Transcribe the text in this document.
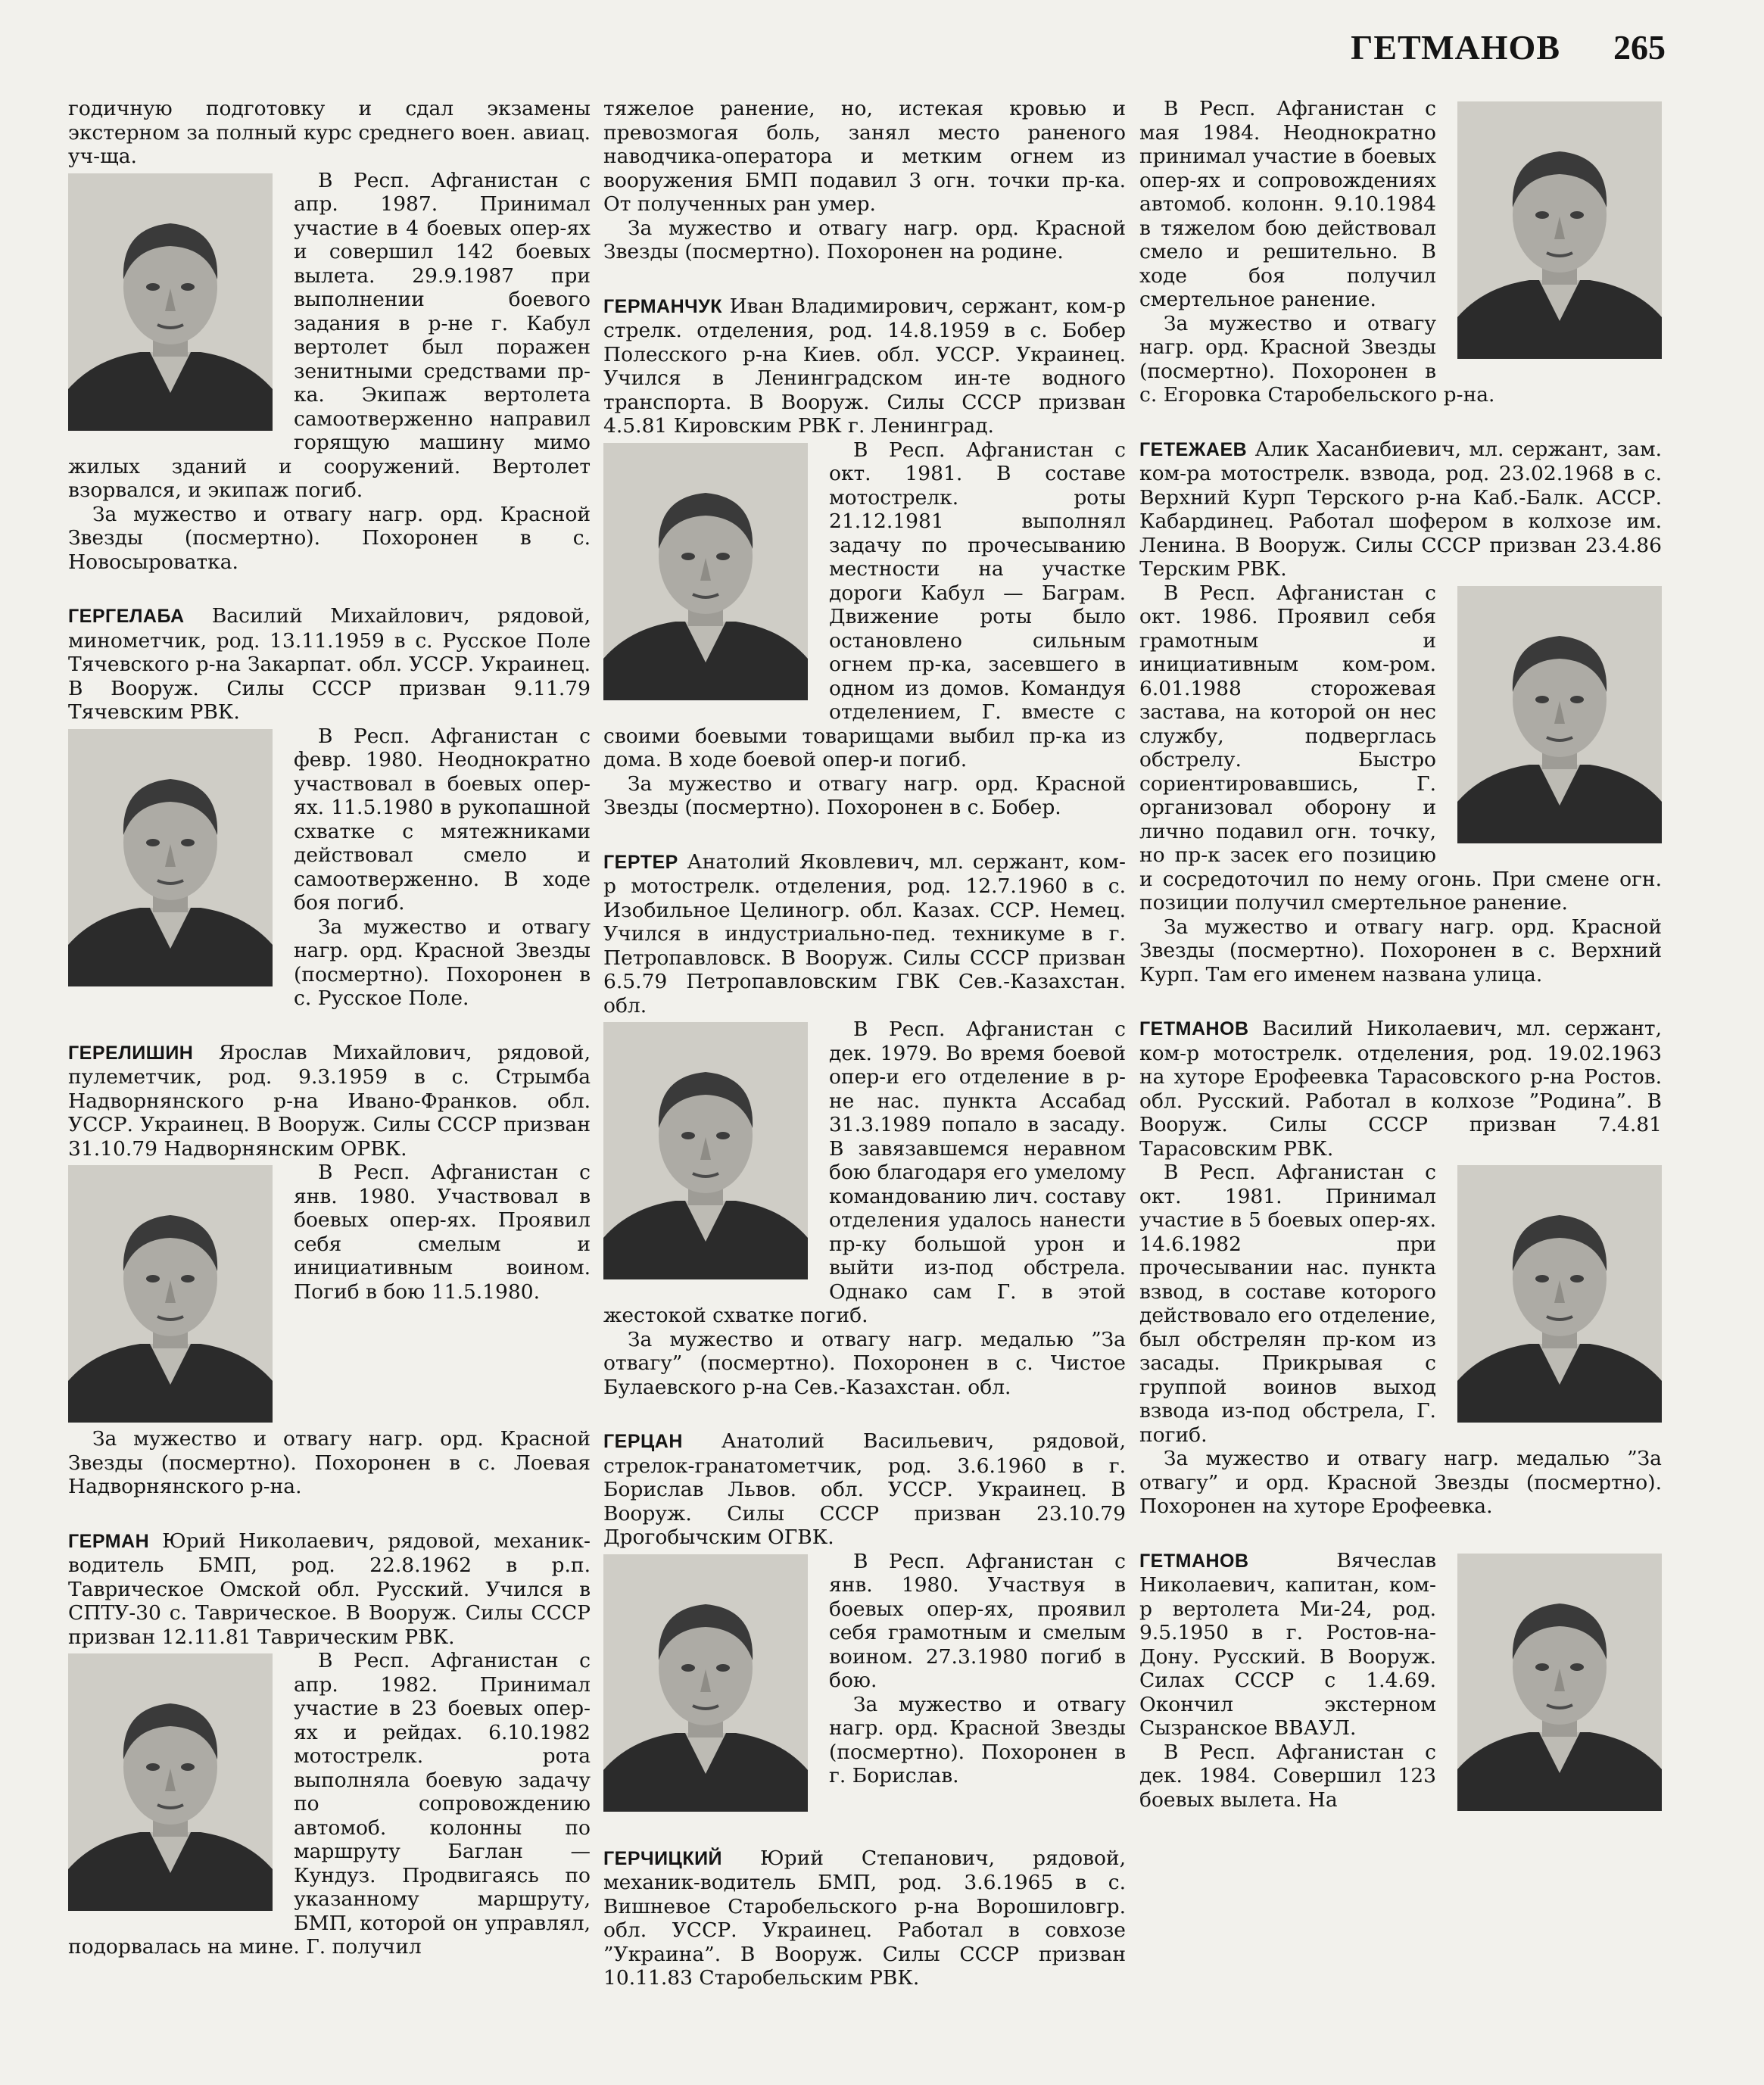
ГЕТМАНОВ 265

годичную подготовку и сдал экзамены экстерном за полный курс среднего воен. авиац. уч-ща.

В Респ. Афганистан с апр. 1987. Принимал участие в 4 боевых опер-ях и совершил 142 боевых вылета. 29.9.1987 при выполнении боевого задания в р-не г. Кабул вертолет был поражен зенитными средствами пр-ка. Экипаж вертолета самоотверженно направил горящую машину мимо жилых зданий и сооружений. Вертолет взорвался, и экипаж погиб.

За мужество и отвагу нагр. орд. Красной Звезды (посмертно). Похоронен в с. Новосыроватка.

ГЕРГЕЛАБА Василий Михайлович, рядовой, минометчик, род. 13.11.1959 в с. Русское Поле Тячевского р-на Закарпат. обл. УССР. Украинец. В Вооруж. Силы СССР призван 9.11.79 Тячевским РВК.

В Респ. Афганистан с февр. 1980. Неоднократно участвовал в боевых опер-ях. 11.5.1980 в рукопашной схватке с мятежниками действовал смело и самоотверженно. В ходе боя погиб.

За мужество и отвагу нагр. орд. Красной Звезды (посмертно). Похоронен в с. Русское Поле.

ГЕРЕЛИШИН Ярослав Михайлович, рядовой, пулеметчик, род. 9.3.1959 в с. Стрымба Надворнянского р-на Ивано-Франков. обл. УССР. Украинец. В Вооруж. Силы СССР призван 31.10.79 Надворнянским ОРВК.

В Респ. Афганистан с янв. 1980. Участвовал в боевых опер-ях. Проявил себя смелым и инициативным воином. Погиб в бою 11.5.1980.

За мужество и отвагу нагр. орд. Красной Звезды (посмертно). Похоронен в с. Лоевая Надворнянского р-на.

ГЕРМАН Юрий Николаевич, рядовой, механик-водитель БМП, род. 22.8.1962 в р.п. Таврическое Омской обл. Русский. Учился в СПТУ-30 с. Таврическое. В Вооруж. Силы СССР призван 12.11.81 Таврическим РВК.

В Респ. Афганистан с апр. 1982. Принимал участие в 23 боевых опер-ях и рейдах. 6.10.1982 мотострелк. рота выполняла боевую задачу по сопровождению автомоб. колонны по маршруту Баглан — Кундуз. Продвигаясь по указанному маршруту, БМП, которой он управлял, подорвалась на мине. Г. получил

тяжелое ранение, но, истекая кровью и превозмогая боль, занял место раненого наводчика-оператора и метким огнем из вооружения БМП подавил 3 огн. точки пр-ка. От полученных ран умер.

За мужество и отвагу нагр. орд. Красной Звезды (посмертно). Похоронен на родине.

ГЕРМАНЧУК Иван Владимирович, сержант, ком-р стрелк. отделения, род. 14.8.1959 в с. Бобер Полесского р-на Киев. обл. УССР. Украинец. Учился в Ленинградском ин-те водного транспорта. В Вооруж. Силы СССР призван 4.5.81 Кировским РВК г. Ленинград.

В Респ. Афганистан с окт. 1981. В составе мотострелк. роты 21.12.1981 выполнял задачу по прочесыванию местности на участке дороги Кабул — Баграм. Движение роты было остановлено сильным огнем пр-ка, засевшего в одном из домов. Командуя отделением, Г. вместе с своими боевыми товарищами выбил пр-ка из дома. В ходе боевой опер-и погиб.

За мужество и отвагу нагр. орд. Красной Звезды (посмертно). Похоронен в с. Бобер.

ГЕРТЕР Анатолий Яковлевич, мл. сержант, ком-р мотострелк. отделения, род. 12.7.1960 в с. Изобильное Целиногр. обл. Казах. ССР. Немец. Учился в индустриально-пед. техникуме в г. Петропавловск. В Вооруж. Силы СССР призван 6.5.79 Петропавловским ГВК Сев.-Казахстан. обл.

В Респ. Афганистан с дек. 1979. Во время боевой опер-и его отделение в р-не нас. пункта Ассабад 31.3.1989 попало в засаду. В завязавшемся неравном бою благодаря его умелому командованию лич. составу отделения удалось нанести пр-ку большой урон и выйти из-под обстрела. Однако сам Г. в этой жестокой схватке погиб.

За мужество и отвагу нагр. медалью ”За отвагу” (посмертно). Похоронен в с. Чистое Булаевского р-на Сев.-Казахстан. обл.

ГЕРЦАН Анатолий Васильевич, рядовой, стрелок-гранатометчик, род. 3.6.1960 в г. Борислав Львов. обл. УССР. Украинец. В Вооруж. Силы СССР призван 23.10.79 Дрогобычским ОГВК.

В Респ. Афганистан с янв. 1980. Участвуя в боевых опер-ях, проявил себя грамотным и смелым воином. 27.3.1980 погиб в бою.

За мужество и отвагу нагр. орд. Красной Звезды (посмертно). Похоронен в г. Борислав.

ГЕРЧИЦКИЙ Юрий Степанович, рядовой, механик-водитель БМП, род. 3.6.1965 в с. Вишневое Старобельского р-на Ворошиловгр. обл. УССР. Украинец. Работал в совхозе ”Украина”. В Вооруж. Силы СССР призван 10.11.83 Старобельским РВК.

В Респ. Афганистан с мая 1984. Неоднократно принимал участие в боевых опер-ях и сопровождениях автомоб. колонн. 9.10.1984 в тяжелом бою действовал смело и решительно. В ходе боя получил смертельное ранение.

За мужество и отвагу нагр. орд. Красной Звезды (посмертно). Похоронен в с. Егоровка Старобельского р-на.

ГЕТЕЖАЕВ Алик Хасанбиевич, мл. сержант, зам. ком-ра мотострелк. взвода, род. 23.02.1968 в с. Верхний Курп Терского р-на Каб.-Балк. АССР. Кабардинец. Работал шофером в колхозе им. Ленина. В Вооруж. Силы СССР призван 23.4.86 Терским РВК.

В Респ. Афганистан с окт. 1986. Проявил себя грамотным и инициативным ком-ром. 6.01.1988 сторожевая застава, на которой он нес службу, подверглась обстрелу. Быстро сориентировавшись, Г. организовал оборону и лично подавил огн. точку, но пр-к засек его позицию и сосредоточил по нему огонь. При смене огн. позиции получил смертельное ранение.

За мужество и отвагу нагр. орд. Красной Звезды (посмертно). Похоронен в с. Верхний Курп. Там его именем названа улица.

ГЕТМАНОВ Василий Николаевич, мл. сержант, ком-р мотострелк. отделения, род. 19.02.1963 на хуторе Ерофеевка Тарасовского р-на Ростов. обл. Русский. Работал в колхозе ”Родина”. В Вооруж. Силы СССР призван 7.4.81 Тарасовским РВК.

В Респ. Афганистан с окт. 1981. Принимал участие в 5 боевых опер-ях. 14.6.1982 при прочесывании нас. пункта взвод, в составе которого действовало его отделение, был обстрелян пр-ком из засады. Прикрывая с группой воинов выход взвода из-под обстрела, Г. погиб.

За мужество и отвагу нагр. медалью ”За отвагу” и орд. Красной Звезды (посмертно). Похоронен на хуторе Ерофеевка.

ГЕТМАНОВ Вячеслав Николаевич, капитан, ком-р вертолета Ми-24, род. 9.5.1950 в г. Ростов-на-Дону. Русский. В Вооруж. Силах СССР с 1.4.69. Окончил экстерном Сызранское ВВАУЛ.

В Респ. Афганистан с дек. 1984. Совершил 123 боевых вылета. На
